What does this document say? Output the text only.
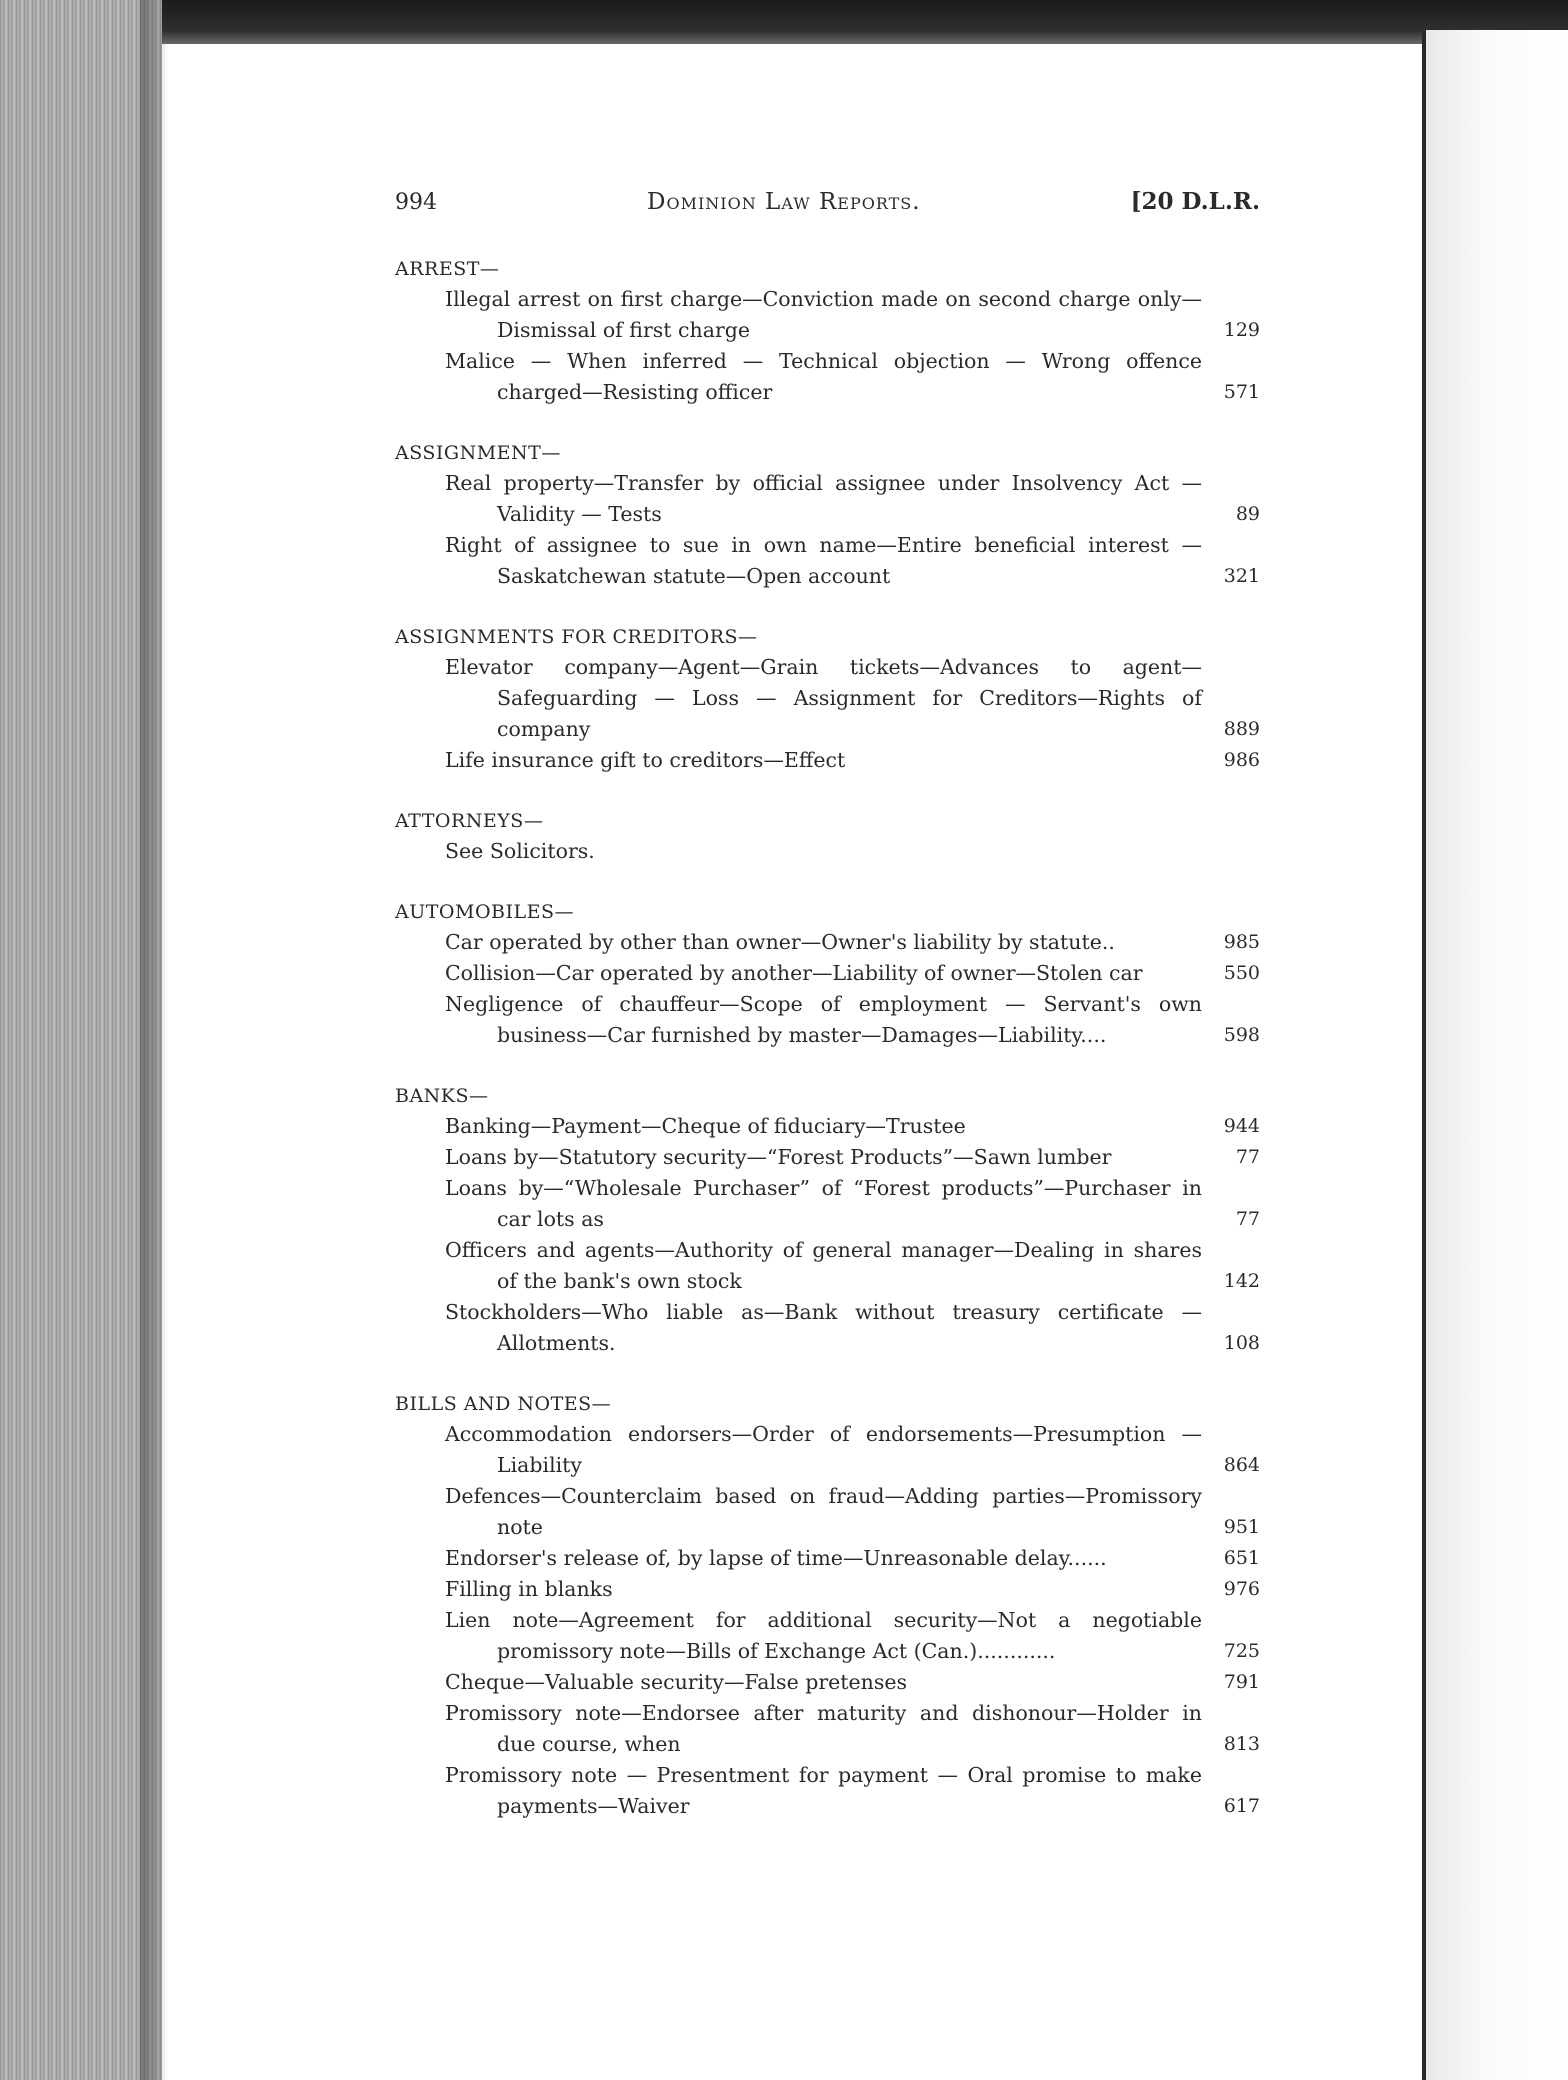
994	Dominion Law Reports.	[20 D.L.R.

ARREST—

Illegal arrest on first charge—Conviction made on second charge only—Dismissal of first charge	129

Malice — When inferred — Technical objection — Wrong offence charged—Resisting officer	571

ASSIGNMENT—

Real property—Transfer by official assignee under Insolvency Act —Validity — Tests	89

Right of assignee to sue in own name—Entire beneficial interest —Saskatchewan statute—Open account	321

ASSIGNMENTS FOR CREDITORS—

Elevator company—Agent—Grain tickets—Advances to agent—Safeguarding — Loss — Assignment for Creditors—Rights of company	889

Life insurance gift to creditors—Effect	986

ATTORNEYS—

See Solicitors.

AUTOMOBILES—

Car operated by other than owner—Owner's liability by statute..	985

Collision—Car operated by another—Liability of owner—Stolen car	550

Negligence of chauffeur—Scope of employment — Servant's own business—Car furnished by master—Damages—Liability....	598

BANKS—

Banking—Payment—Cheque of fiduciary—Trustee	944

Loans by—Statutory security—“Forest Products”—Sawn lumber	77

Loans by—“Wholesale Purchaser” of “Forest products”—Purchaser in car lots as	77

Officers and agents—Authority of general manager—Dealing in shares of the bank's own stock	142

Stockholders—Who liable as—Bank without treasury certificate — Allotments.	108

BILLS AND NOTES—

Accommodation endorsers—Order of endorsements—Presumption —Liability	864

Defences—Counterclaim based on fraud—Adding parties—Promissory note	951

Endorser's release of, by lapse of time—Unreasonable delay......	651

Filling in blanks	976

Lien note—Agreement for additional security—Not a negotiable promissory note—Bills of Exchange Act (Can.)............	725

Cheque—Valuable security—False pretenses	791

Promissory note—Endorsee after maturity and dishonour—Holder in due course, when	813

Promissory note — Presentment for payment — Oral promise to make payments—Waiver	617
